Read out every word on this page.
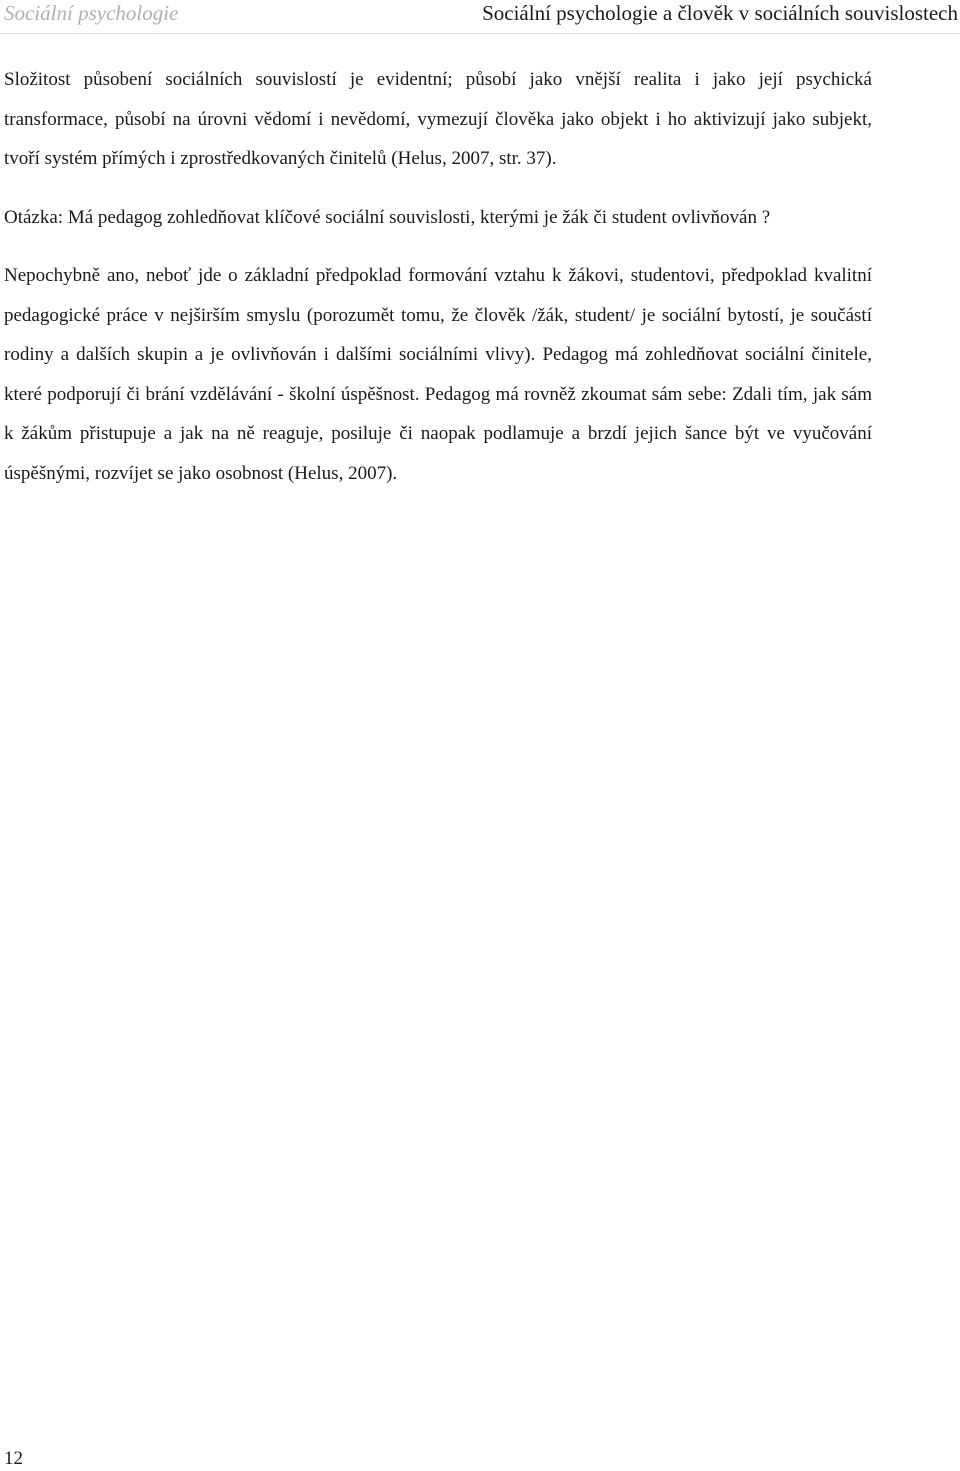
Sociální psychologie	Sociální psychologie a člověk v sociálních souvislostech

Složitost působení sociálních souvislostí je evidentní; působí jako vnější realita i jako její psychická transformace, působí na úrovni vědomí i nevědomí, vymezují člověka jako objekt i ho aktivizují jako subjekt, tvoří systém přímých i zprostředkovaných činitelů (Helus, 2007, str. 37).

Otázka: Má pedagog zohledňovat klíčové sociální souvislosti, kterými je žák či student ovlivňován ?

Nepochybně ano, neboť jde o základní předpoklad formování vztahu k žákovi, studentovi, předpoklad kvalitní pedagogické práce v nejširším smyslu (porozumět tomu, že člověk /žák, student/ je sociální bytostí, je součástí rodiny a dalších skupin a je ovlivňován i dalšími sociálními vlivy). Pedagog má zohledňovat sociální činitele, které podporují či brání vzdělávání - školní úspěšnost. Pedagog má rovněž zkoumat sám sebe: Zdali tím, jak sám k žákům přistupuje a jak na ně reaguje, posiluje či naopak podlamuje a brzdí jejich šance být ve vyučování úspěšnými, rozvíjet se jako osobnost (Helus, 2007).

12
